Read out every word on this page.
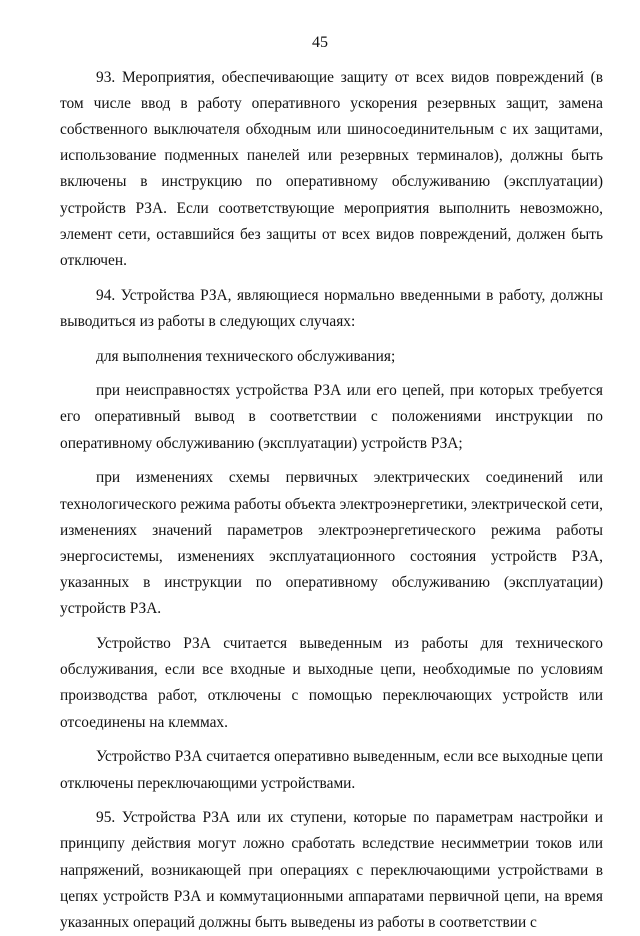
45

93. Мероприятия, обеспечивающие защиту от всех видов повреждений (в том числе ввод в работу оперативного ускорения резервных защит, замена собственного выключателя обходным или шиносоединительным с их защитами, использование подменных панелей или резервных терминалов), должны быть включены в инструкцию по оперативному обслуживанию (эксплуатации) устройств РЗА. Если соответствующие мероприятия выполнить невозможно, элемент сети, оставшийся без защиты от всех видов повреждений, должен быть отключен.

94. Устройства РЗА, являющиеся нормально введенными в работу, должны выводиться из работы в следующих случаях:

для выполнения технического обслуживания;

при неисправностях устройства РЗА или его цепей, при которых требуется его оперативный вывод в соответствии с положениями инструкции по оперативному обслуживанию (эксплуатации) устройств РЗА;

при изменениях схемы первичных электрических соединений или технологического режима работы объекта электроэнергетики, электрической сети, изменениях значений параметров электроэнергетического режима работы энергосистемы, изменениях эксплуатационного состояния устройств РЗА, указанных в инструкции по оперативному обслуживанию (эксплуатации) устройств РЗА.

Устройство РЗА считается выведенным из работы для технического обслуживания, если все входные и выходные цепи, необходимые по условиям производства работ, отключены с помощью переключающих устройств или отсоединены на клеммах.

Устройство РЗА считается оперативно выведенным, если все выходные цепи отключены переключающими устройствами.

95. Устройства РЗА или их ступени, которые по параметрам настройки и принципу действия могут ложно сработать вследствие несимметрии токов или напряжений, возникающей при операциях с переключающими устройствами в цепях устройств РЗА и коммутационными аппаратами первичной цепи, на время указанных операций должны быть выведены из работы в соответствии с
